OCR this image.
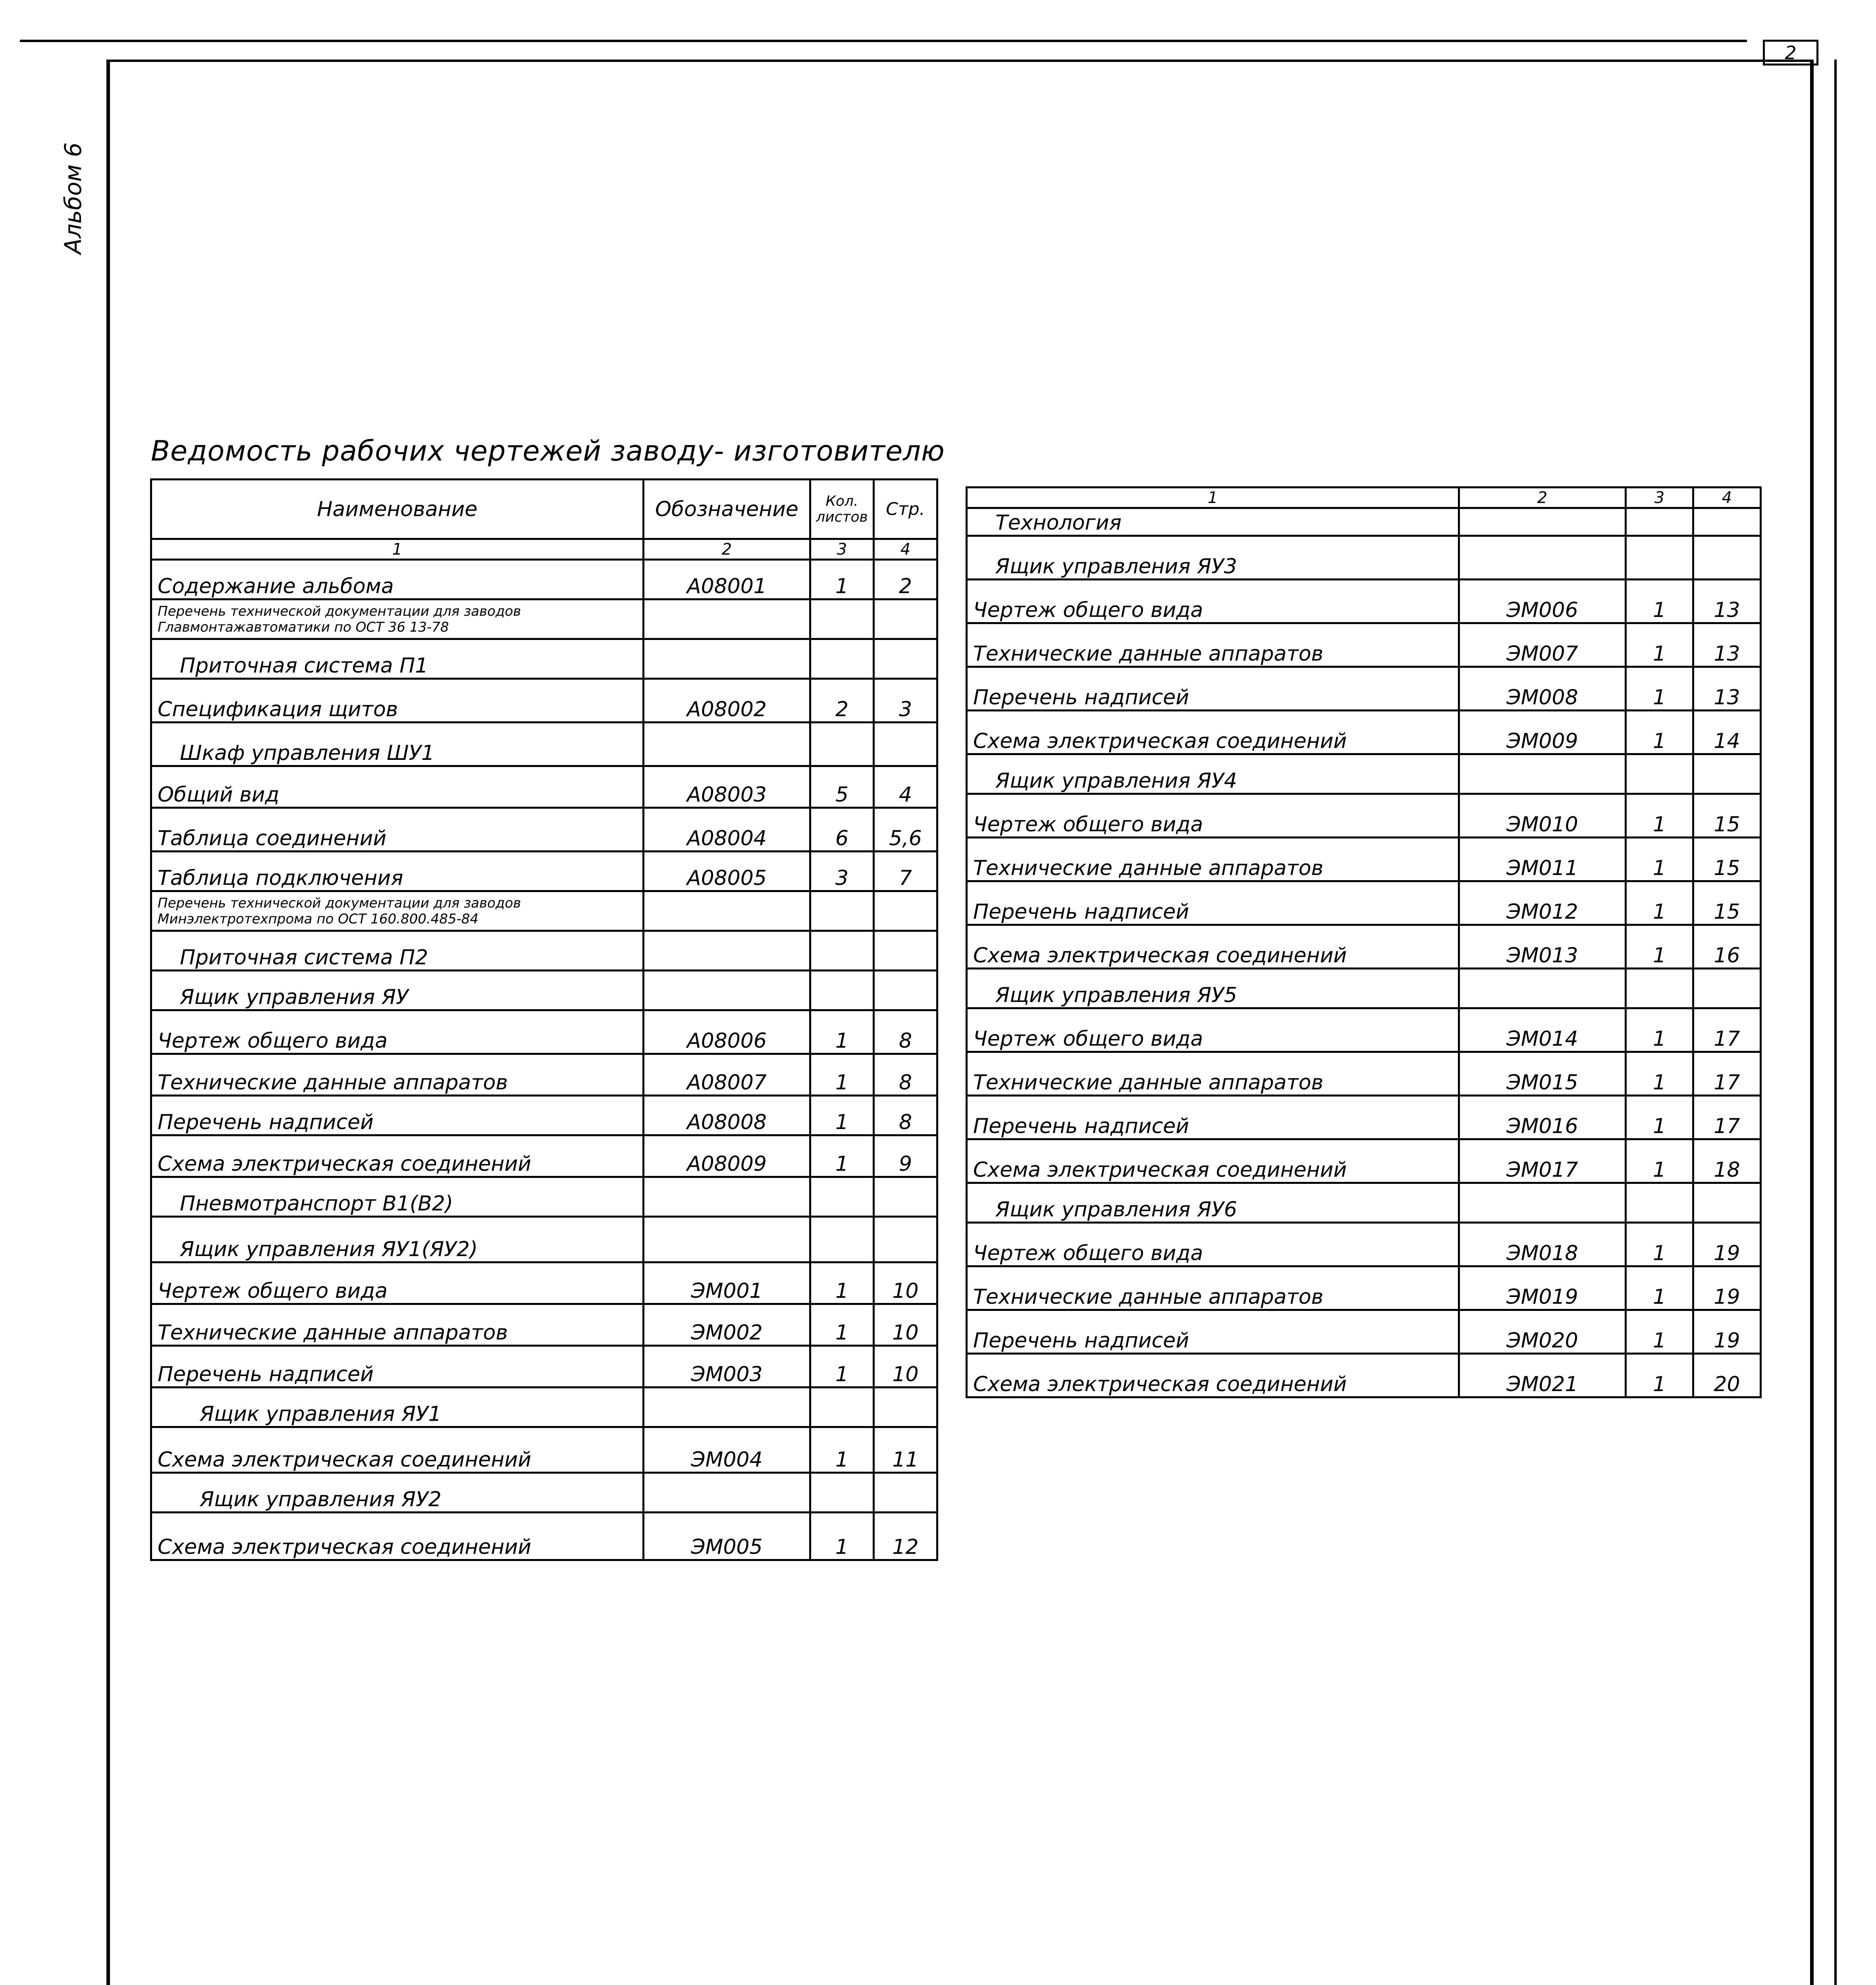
2
Альбом 6
Ведомость рабочих чертежей заводу- изготовителю
Наименование	Обозначение	Кол. листов	Стр.
1	2	3	4
Содержание альбома	А08001	1	2
Перечень технической документации для заводов Главмонтажавтоматики по ОСТ 36 13-78			
Приточная система П1			
Спецификация щитов	А08002	2	3
Шкаф управления ШУ1			
Общий вид	А08003	5	4
Таблица соединений	А08004	6	5,6
Таблица подключения	А08005	3	7
Перечень технической документации для заводов Минэлектротехпрома по ОСТ 160.800.485-84			
Приточная система П2			
Ящик управления ЯУ			
Чертеж общего вида	А08006	1	8
Технические данные аппаратов	А08007	1	8
Перечень надписей	А08008	1	8
Схема электрическая соединений	А08009	1	9
Пневмотранспорт В1(В2)			
Ящик управления ЯУ1(ЯУ2)			
Чертеж общего вида	ЭМ001	1	10
Технические данные аппаратов	ЭМ002	1	10
Перечень надписей	ЭМ003	1	10
Ящик управления ЯУ1			
Схема электрическая соединений	ЭМ004	1	11
Ящик управления ЯУ2			
Схема электрическая соединений	ЭМ005	1	12
1	2	3	4
Технология			
Ящик управления ЯУ3			
Чертеж общего вида	ЭМ006	1	13
Технические данные аппаратов	ЭМ007	1	13
Перечень надписей	ЭМ008	1	13
Схема электрическая соединений	ЭМ009	1	14
Ящик управления ЯУ4			
Чертеж общего вида	ЭМ010	1	15
Технические данные аппаратов	ЭМ011	1	15
Перечень надписей	ЭМ012	1	15
Схема электрическая соединений	ЭМ013	1	16
Ящик управления ЯУ5			
Чертеж общего вида	ЭМ014	1	17
Технические данные аппаратов	ЭМ015	1	17
Перечень надписей	ЭМ016	1	17
Схема электрическая соединений	ЭМ017	1	18
Ящик управления ЯУ6			
Чертеж общего вида	ЭМ018	1	19
Технические данные аппаратов	ЭМ019	1	19
Перечень надписей	ЭМ020	1	19
Схема электрическая соединений	ЭМ021	1	20
